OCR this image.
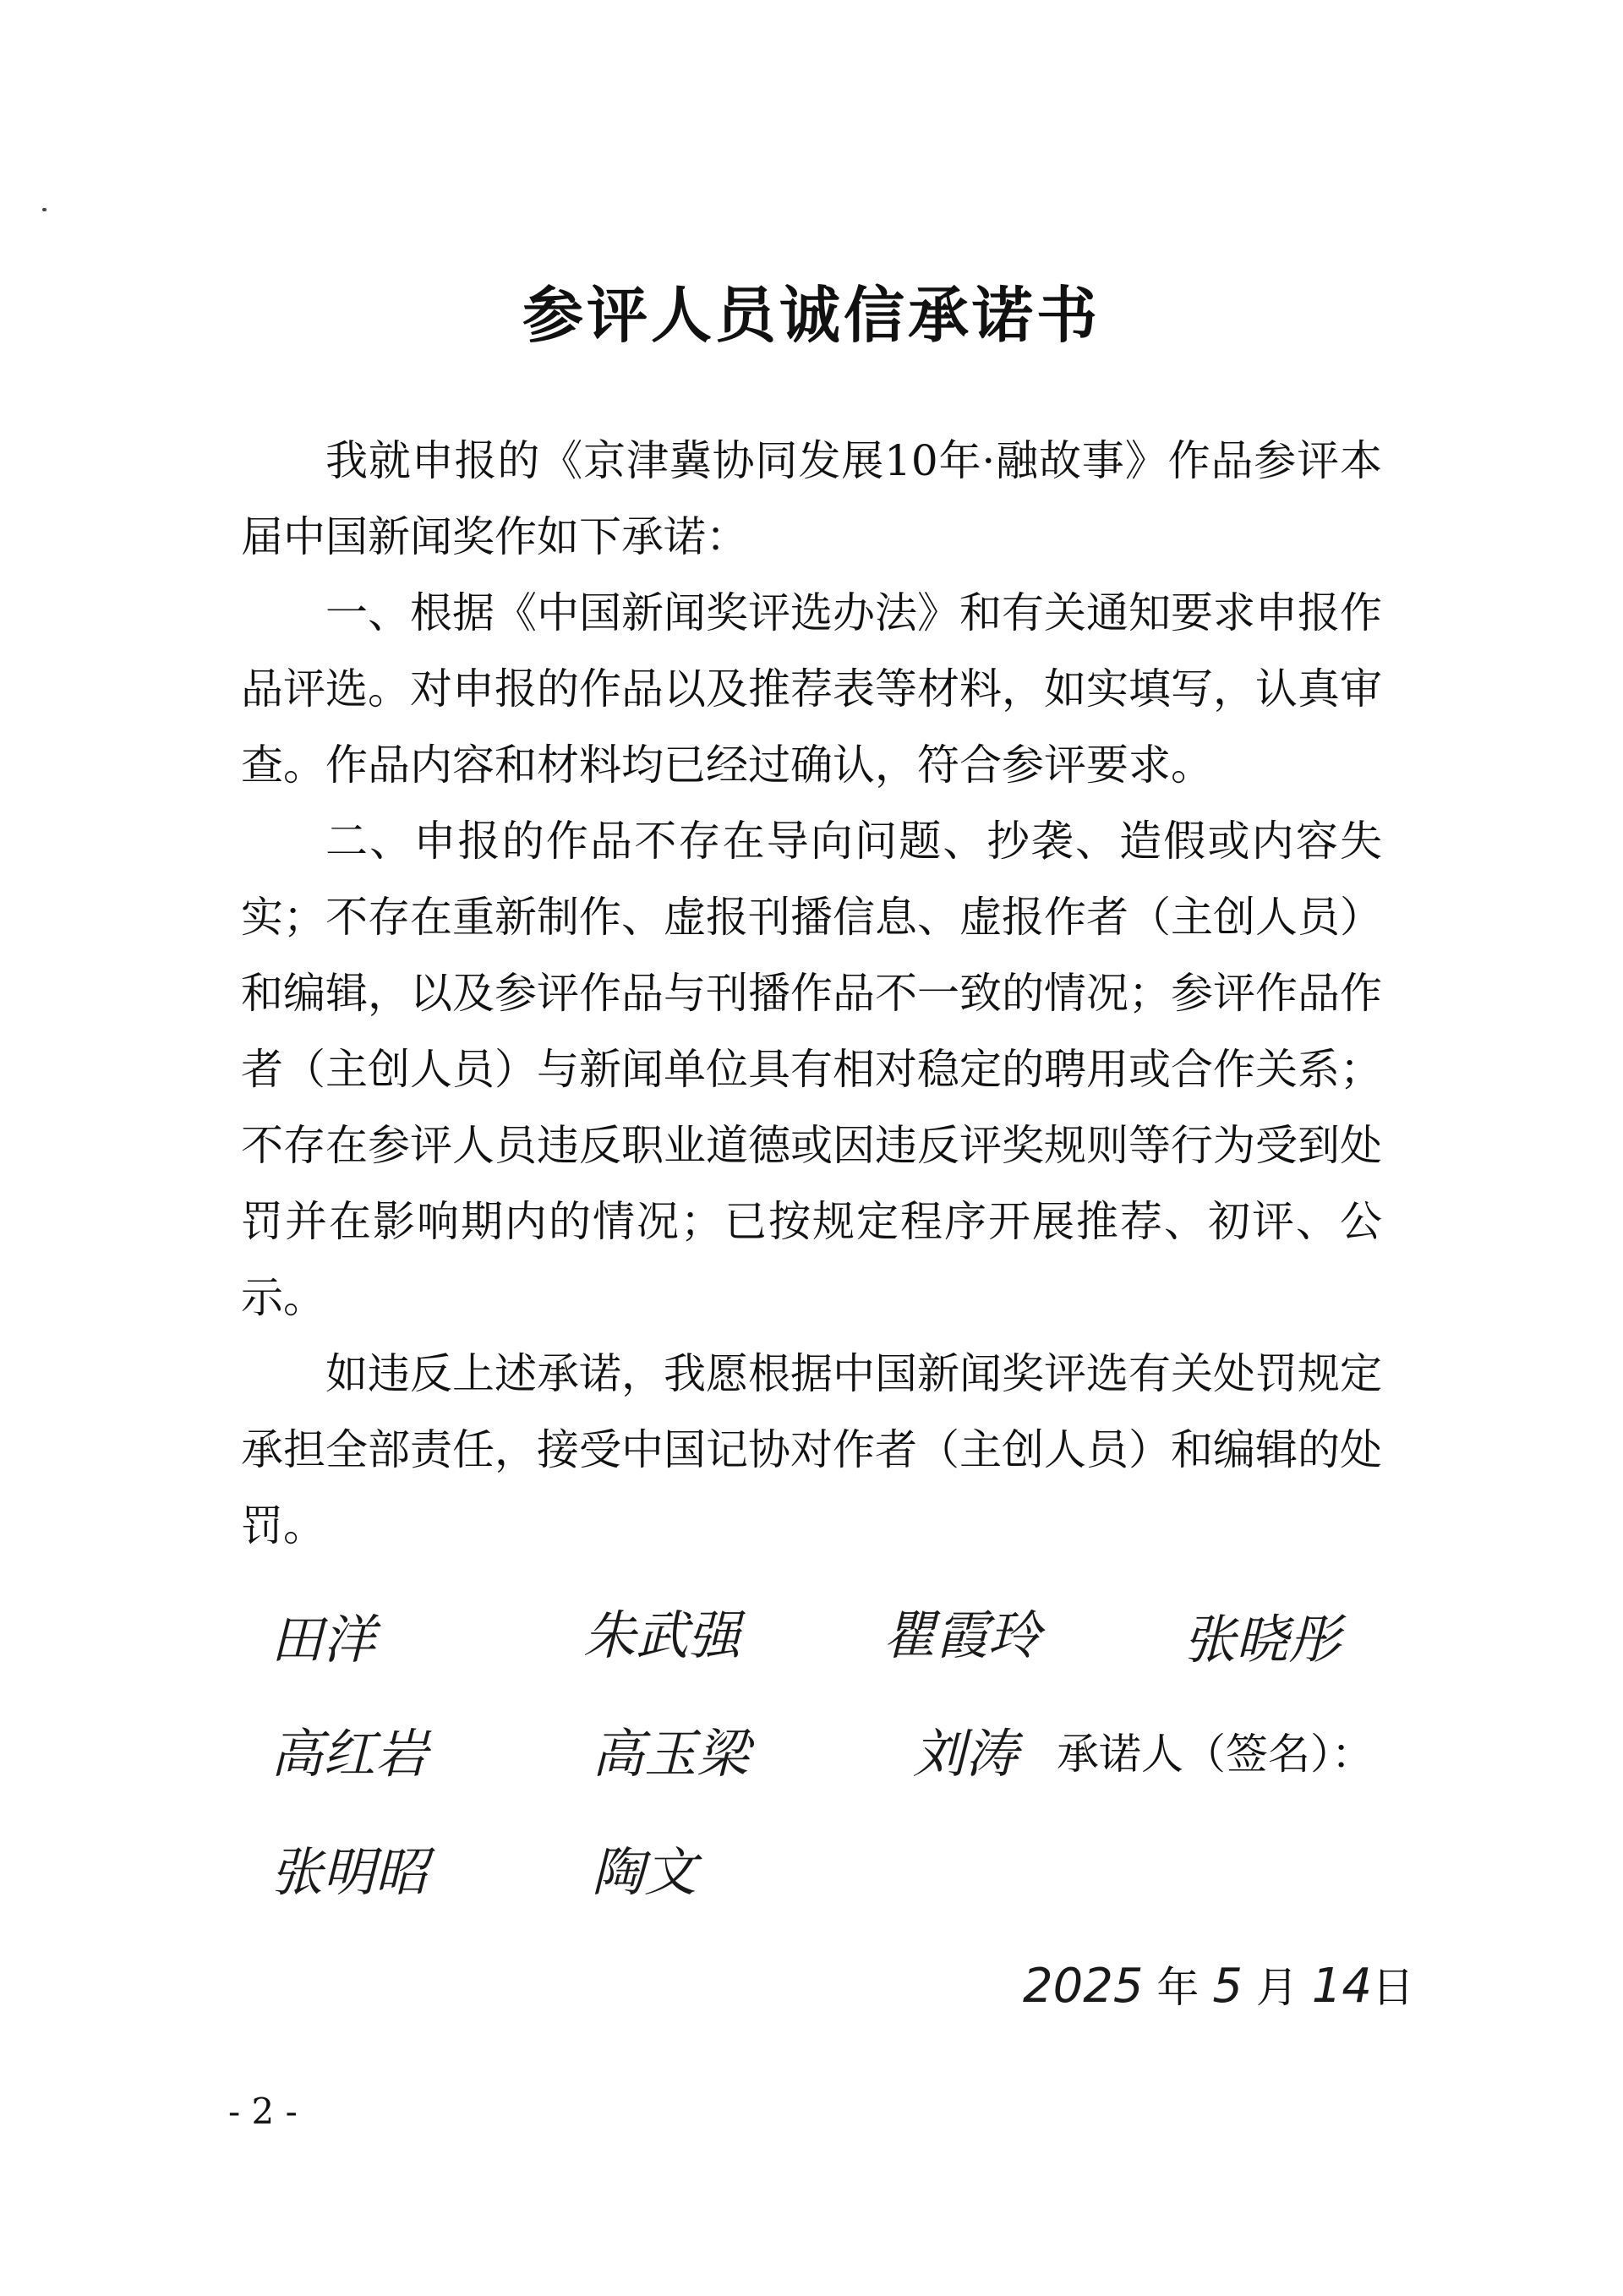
参评人员诚信承诺书

我就申报的《京津冀协同发展10年·融故事》作品参评本届中国新闻奖作如下承诺：

一、根据《中国新闻奖评选办法》和有关通知要求申报作品评选。对申报的作品以及推荐表等材料，如实填写，认真审查。作品内容和材料均已经过确认，符合参评要求。

二、申报的作品不存在导向问题、抄袭、造假或内容失实；不存在重新制作、虚报刊播信息、虚报作者（主创人员）和编辑，以及参评作品与刊播作品不一致的情况；参评作品作者（主创人员）与新闻单位具有相对稳定的聘用或合作关系；不存在参评人员违反职业道德或因违反评奖规则等行为受到处罚并在影响期内的情况；已按规定程序开展推荐、初评、公示。

如违反上述承诺，我愿根据中国新闻奖评选有关处罚规定承担全部责任，接受中国记协对作者（主创人员）和编辑的处罚。

田洋	朱武强	瞿霞玲	张晓彤
高红岩	高玉梁	刘涛 承诺人（签名）：
张明昭	陶文
2025 年 5 月 14日
- 2 -
